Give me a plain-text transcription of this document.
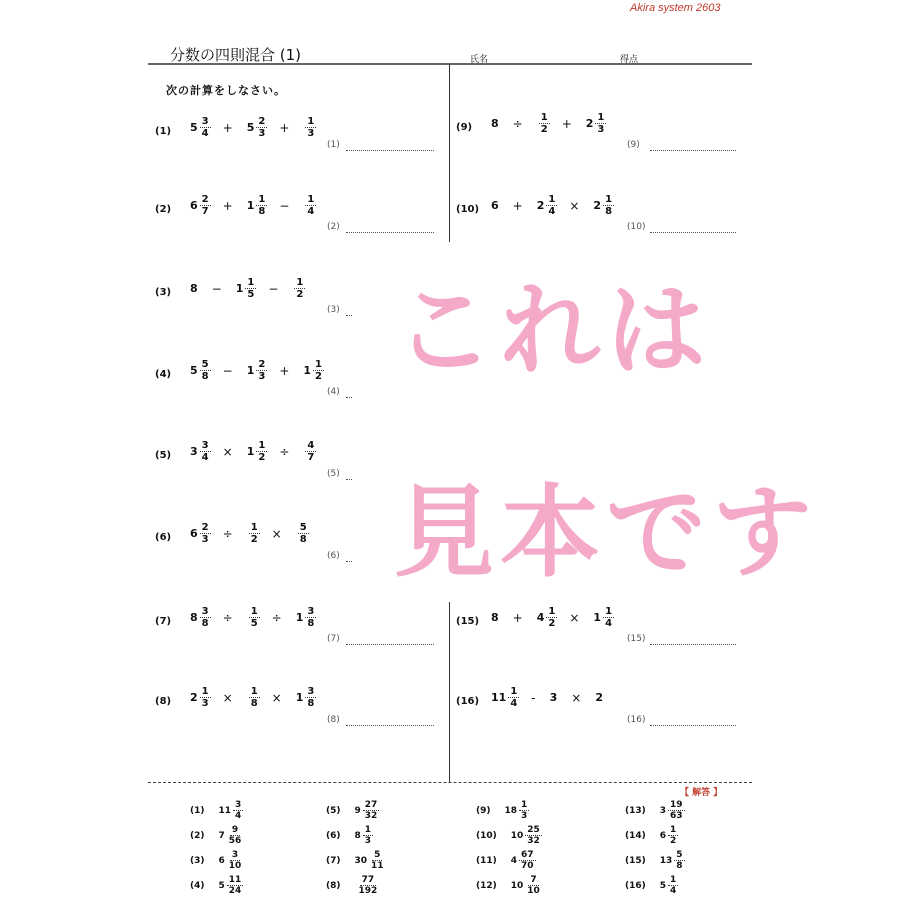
Akira system 2603
分数の四則混合 (1)	氏名	得点
次の計算をしなさい。
(1) $5 \frac{3}{4} + 5 \frac{2}{3} + \frac{1}{3}$
(1)
(2) $6 \frac{2}{7} + 1 \frac{1}{8} - \frac{1}{4}$
(2)
(3) $8 - 1 \frac{1}{5} - \frac{1}{2}$
(3)
(4) $5 \frac{5}{8} - 1 \frac{2}{3} + 1 \frac{1}{2}$
(4)
(5) $3 \frac{3}{4} \times 1 \frac{1}{2} \div \frac{4}{7}$
(5)
(6) $6 \frac{2}{3} \div \frac{1}{2} \times \frac{5}{8}$
(6)
(7) $8 \frac{3}{8} \div \frac{1}{5} \div 1 \frac{3}{8}$
(7)
(8) $2 \frac{1}{3} \times \frac{1}{8} \times 1 \frac{3}{8}$
(8)
(9) $8 \div \frac{1}{2} + 2 \frac{1}{3}$
(9)
(10) $6 + 2 \frac{1}{4} \times 2 \frac{1}{8}$
(10)
(15) $8 + 4 \frac{1}{2} \times 1 \frac{1}{4}$
(15)
(16) $11 \frac{1}{4} - 3 \times 2$
(16)
これは
見本です
【 解答 】
(1) $11 \frac{3}{4}$
(2) $7 \frac{9}{56}$
(3) $6 \frac{3}{10}$
(4) $5 \frac{11}{24}$
(5) $9 \frac{27}{32}$
(6) $8 \frac{1}{3}$
(7) $30 \frac{5}{11}$
$(8) \frac{77}{192}$
(9) $18 \frac{1}{3}$
(10) $10 \frac{25}{32}$
(11) $4 \frac{67}{70}$
(12) $10 \frac{7}{10}$
(13) $3 \frac{19}{63}$
(14) $6 \frac{1}{2}$
(15) $13 \frac{5}{8}$
(16) $5 \frac{1}{4}$
